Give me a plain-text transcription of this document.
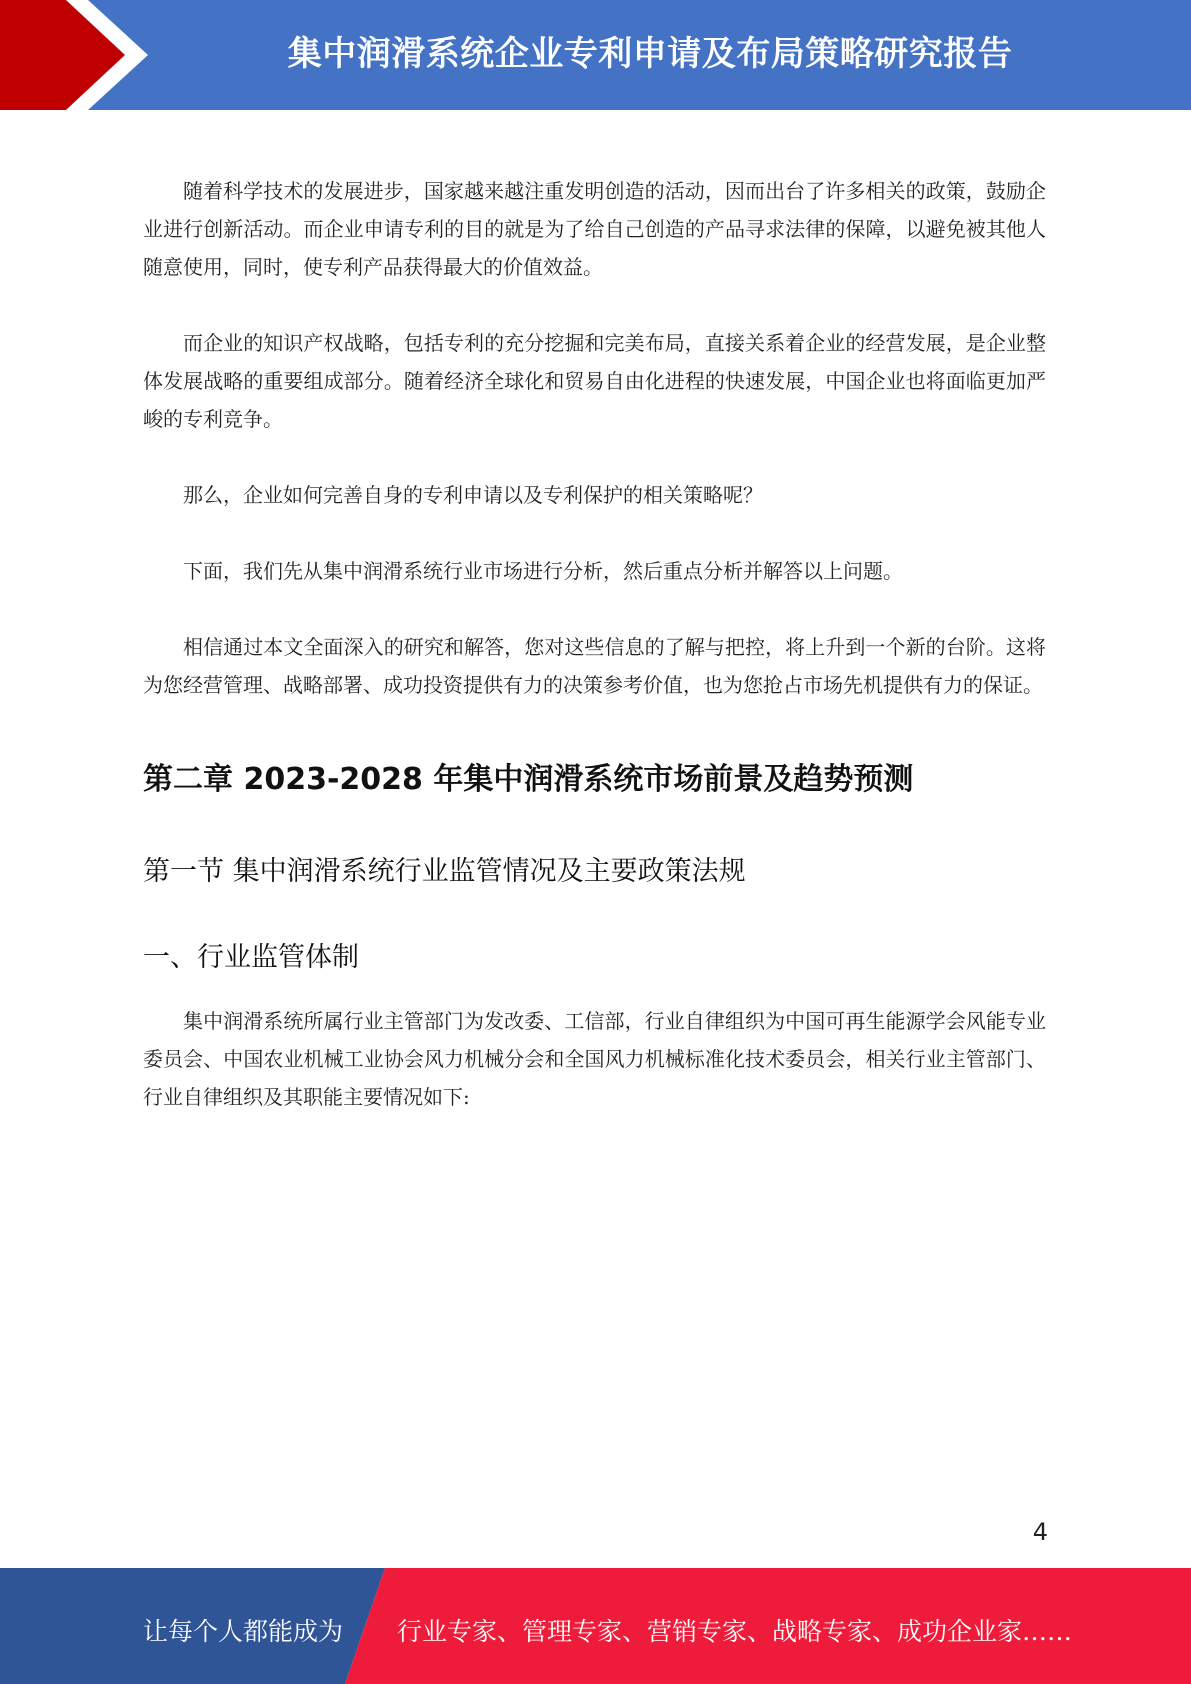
集中润滑系统企业专利申请及布局策略研究报告

随着科学技术的发展进步，国家越来越注重发明创造的活动，因而出台了许多相关的政策，鼓励企业进行创新活动。而企业申请专利的目的就是为了给自己创造的产品寻求法律的保障，以避免被其他人随意使用，同时，使专利产品获得最大的价值效益。

而企业的知识产权战略，包括专利的充分挖掘和完美布局，直接关系着企业的经营发展，是企业整体发展战略的重要组成部分。随着经济全球化和贸易自由化进程的快速发展，中国企业也将面临更加严峻的专利竞争。

那么，企业如何完善自身的专利申请以及专利保护的相关策略呢？

下面，我们先从集中润滑系统行业市场进行分析，然后重点分析并解答以上问题。

相信通过本文全面深入的研究和解答，您对这些信息的了解与把控，将上升到一个新的台阶。这将为您经营管理、战略部署、成功投资提供有力的决策参考价值，也为您抢占市场先机提供有力的保证。

第二章 2023-2028 年集中润滑系统市场前景及趋势预测
第一节 集中润滑系统行业监管情况及主要政策法规
一、行业监管体制

集中润滑系统所属行业主管部门为发改委、工信部，行业自律组织为中国可再生能源学会风能专业委员会、中国农业机械工业协会风力机械分会和全国风力机械标准化技术委员会，相关行业主管部门、行业自律组织及其职能主要情况如下:

4
让每个人都能成为 行业专家、管理专家、营销专家、战略专家、成功企业家……
